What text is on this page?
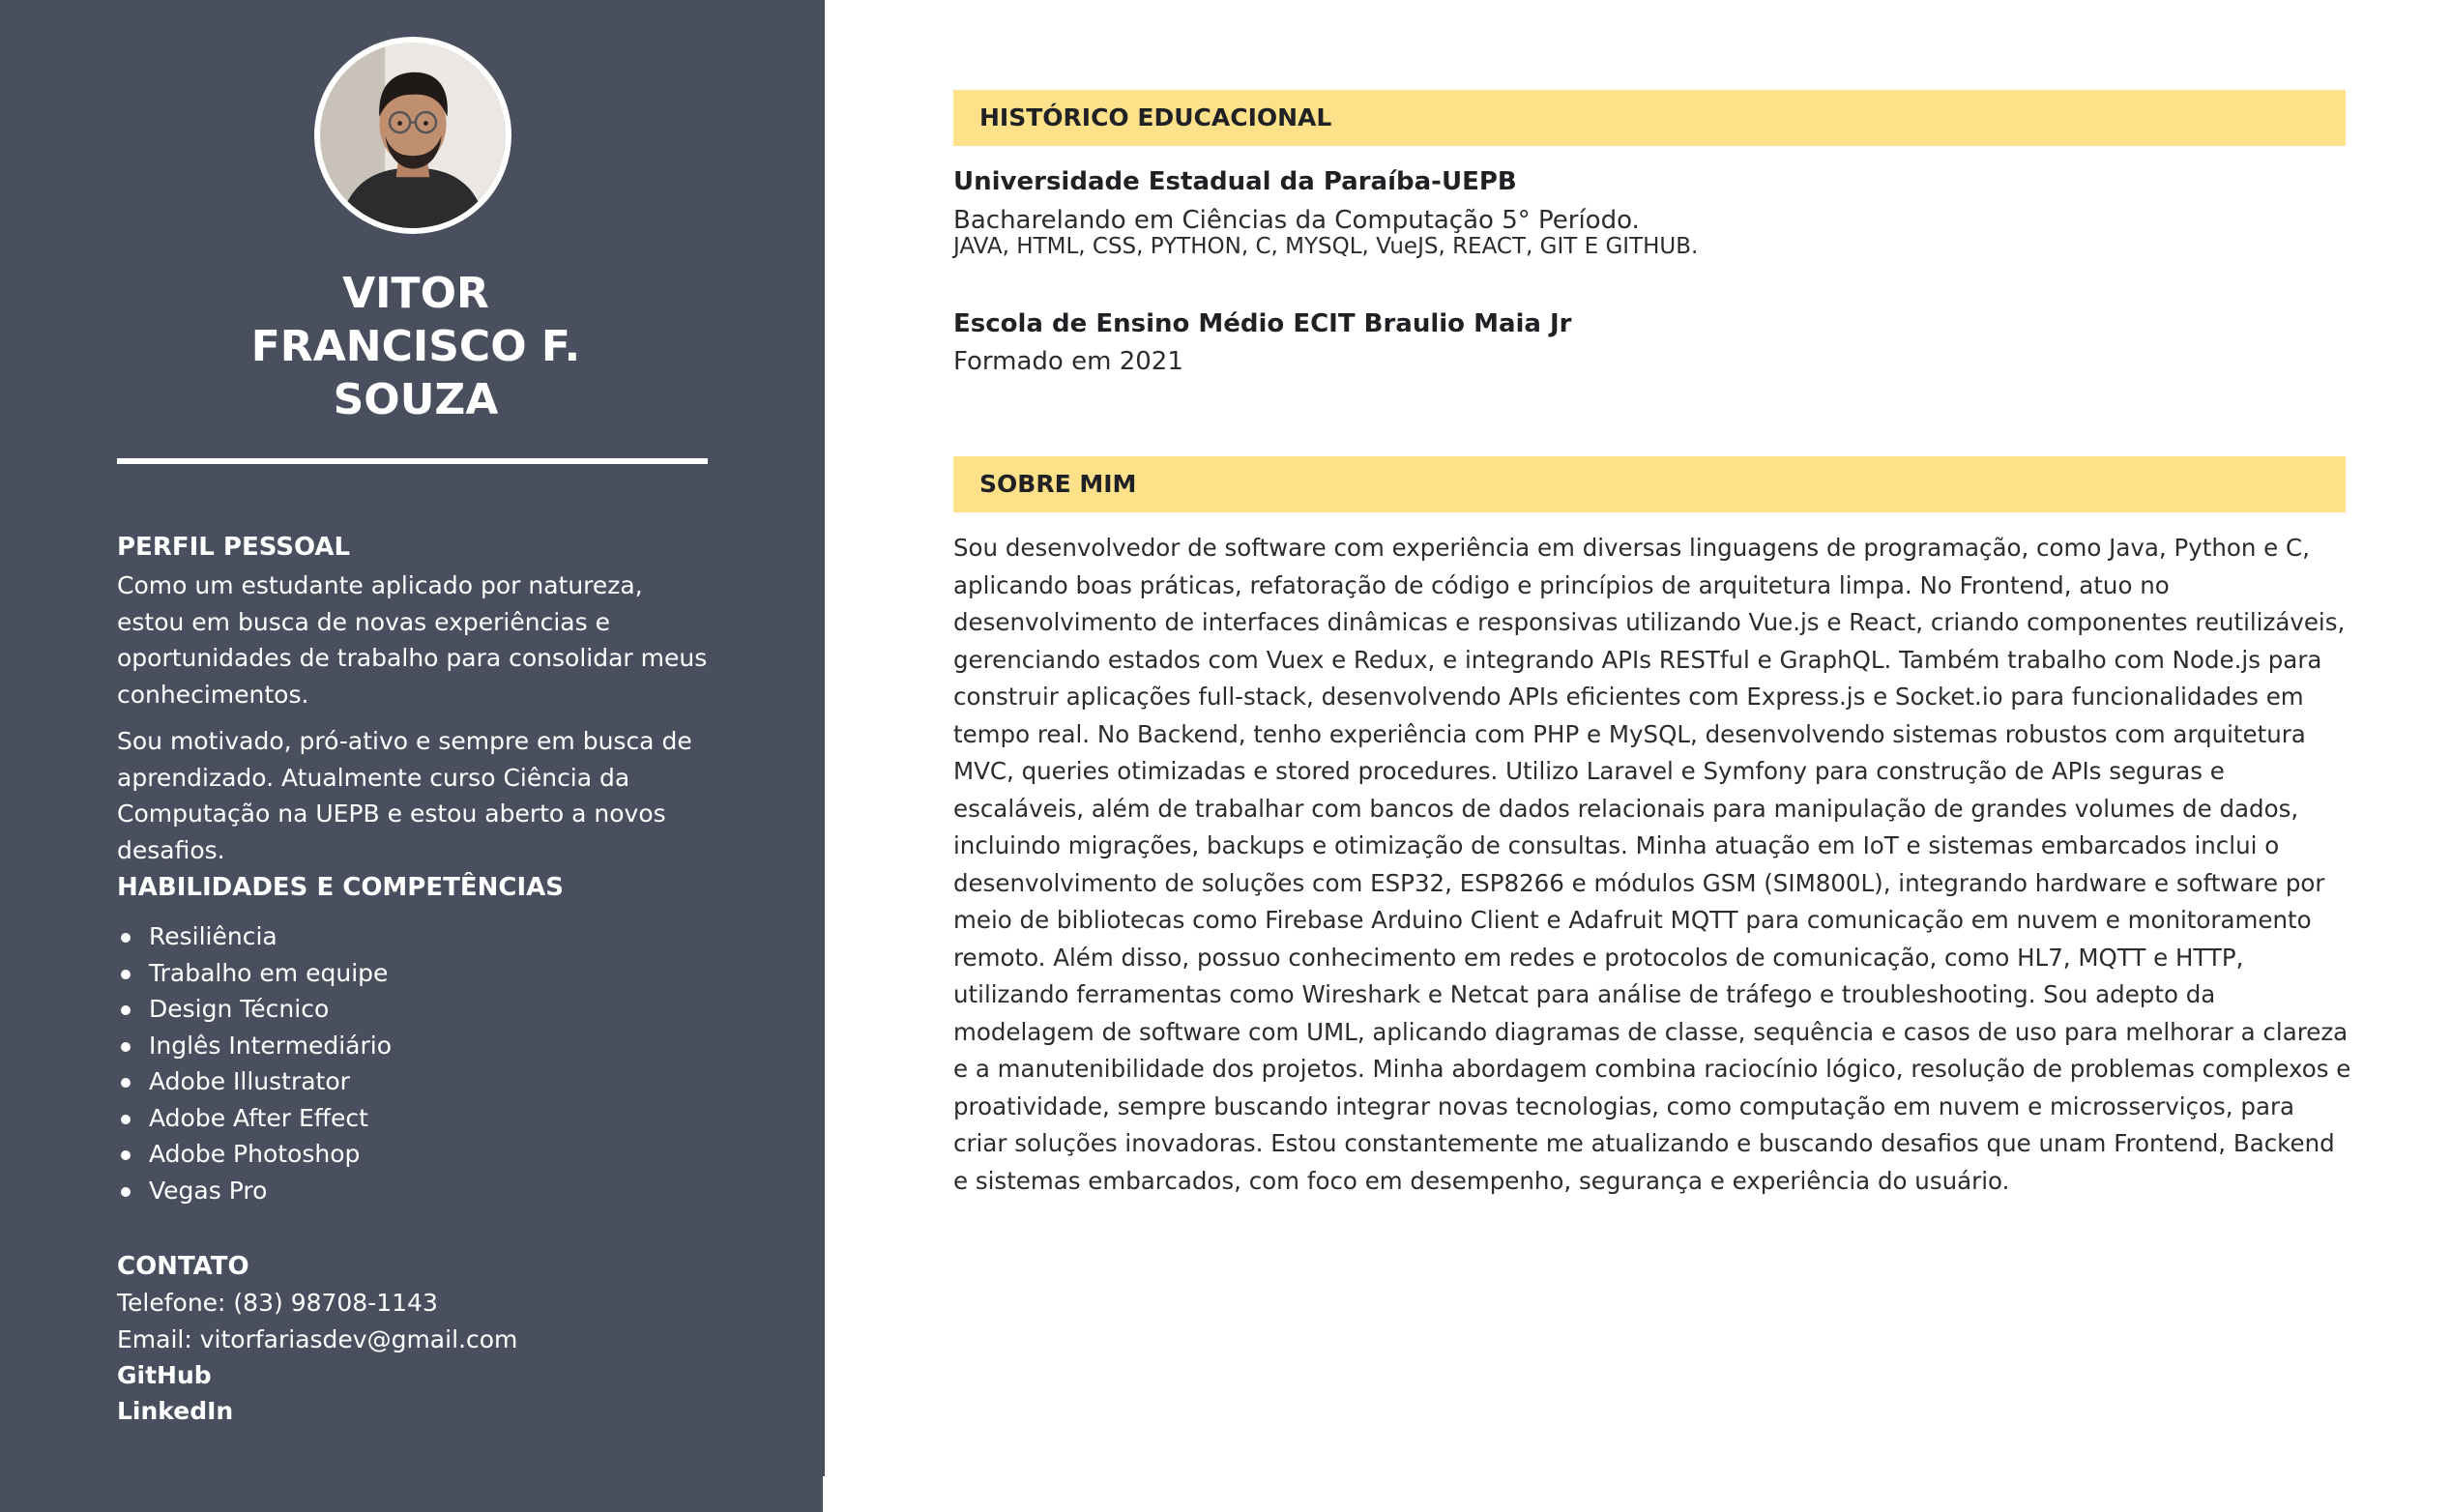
VITOR
FRANCISCO F.
SOUZA
PERFIL PESSOAL
Como um estudante aplicado por natureza, estou em busca de novas experiências e oportunidades de trabalho para consolidar meus conhecimentos.
Sou motivado, pró-ativo e sempre em busca de aprendizado. Atualmente curso Ciência da Computação na UEPB e estou aberto a novos desafios.
HABILIDADES E COMPETÊNCIAS
Resiliência
Trabalho em equipe
Design Técnico
Inglês Intermediário
Adobe Illustrator
Adobe After Effect
Adobe Photoshop
Vegas Pro
CONTATO
Telefone: (83) 98708-1143
Email: vitorfariasdev@gmail.com
GitHub
LinkedIn
HISTÓRICO EDUCACIONAL
Universidade Estadual da Paraíba-UEPB
Bacharelando em Ciências da Computação 5° Período.
JAVA, HTML, CSS, PYTHON, C, MYSQL, VueJS, REACT, GIT E GITHUB.
Escola de Ensino Médio ECIT Braulio Maia Jr
Formado em 2021
SOBRE MIM
Sou desenvolvedor de software com experiência em diversas linguagens de programação, como Java, Python e C, aplicando boas práticas, refatoração de código e princípios de arquitetura limpa. No Frontend, atuo no desenvolvimento de interfaces dinâmicas e responsivas utilizando Vue.js e React, criando componentes reutilizáveis, gerenciando estados com Vuex e Redux, e integrando APIs RESTful e GraphQL. Também trabalho com Node.js para construir aplicações full-stack, desenvolvendo APIs eficientes com Express.js e Socket.io para funcionalidades em tempo real. No Backend, tenho experiência com PHP e MySQL, desenvolvendo sistemas robustos com arquitetura MVC, queries otimizadas e stored procedures. Utilizo Laravel e Symfony para construção de APIs seguras e escaláveis, além de trabalhar com bancos de dados relacionais para manipulação de grandes volumes de dados, incluindo migrações, backups e otimização de consultas. Minha atuação em IoT e sistemas embarcados inclui o desenvolvimento de soluções com ESP32, ESP8266 e módulos GSM (SIM800L), integrando hardware e software por meio de bibliotecas como Firebase Arduino Client e Adafruit MQTT para comunicação em nuvem e monitoramento remoto. Além disso, possuo conhecimento em redes e protocolos de comunicação, como HL7, MQTT e HTTP, utilizando ferramentas como Wireshark e Netcat para análise de tráfego e troubleshooting. Sou adepto da modelagem de software com UML, aplicando diagramas de classe, sequência e casos de uso para melhorar a clareza e a manutenibilidade dos projetos. Minha abordagem combina raciocínio lógico, resolução de problemas complexos e proatividade, sempre buscando integrar novas tecnologias, como computação em nuvem e microsserviços, para criar soluções inovadoras. Estou constantemente me atualizando e buscando desafios que unam Frontend, Backend e sistemas embarcados, com foco em desempenho, segurança e experiência do usuário.
